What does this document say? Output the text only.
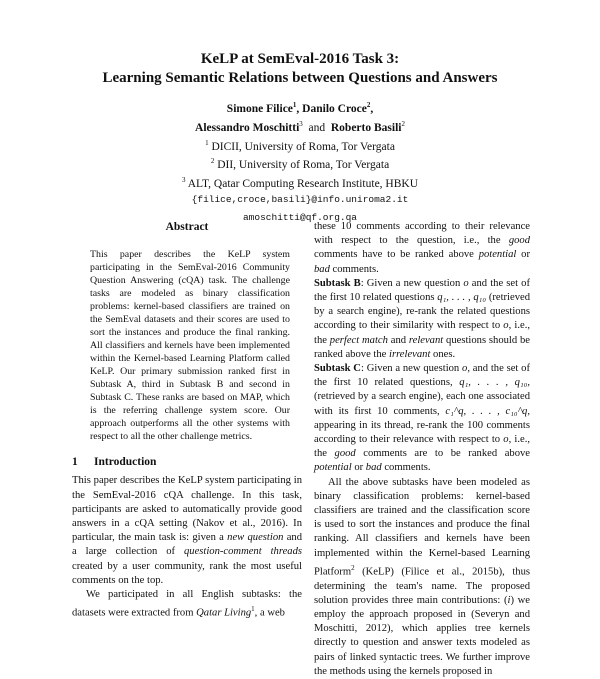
KeLP at SemEval-2016 Task 3:
Learning Semantic Relations between Questions and Answers
Simone Filice$^1$, Danilo Croce$^2$,
Alessandro Moschitti$^3$ and Roberto Basili$^2$
$^1$ DICII, University of Roma, Tor Vergata
$^2$ DII, University of Roma, Tor Vergata
$^3$ ALT, Qatar Computing Research Institute, HBKU
{filice,croce,basili}@info.uniroma2.it
amoschitti@qf.org.qa
Abstract
This paper describes the KeLP system participating in the SemEval-2016 Community Question Answering (cQA) task. The challenge tasks are modeled as binary classification problems: kernel-based classifiers are trained on the SemEval datasets and their scores are used to sort the instances and produce the final ranking. All classifiers and kernels have been implemented within the Kernel-based Learning Platform called KeLP. Our primary submission ranked first in Subtask A, third in Subtask B and second in Subtask C. These ranks are based on MAP, which is the referring challenge system score. Our approach outperforms all the other systems with respect to all the other challenge metrics.
1 Introduction
This paper describes the KeLP system participating in the SemEval-2016 cQA challenge. In this task, participants are asked to automatically provide good answers in a cQA setting (Nakov et al., 2016). In particular, the main task is: given a new question and a large collection of question-comment threads created by a user community, rank the most useful comments on the top.
We participated in all English subtasks: the datasets were extracted from Qatar Living$^1$, a web

these 10 comments according to their relevance with respect to the question, i.e., the good comments have to be ranked above potential or bad comments.

Subtask B: Given a new question o and the set of the first 10 related questions q₁, . . . , q₁₀ (retrieved by a search engine), re-rank the related questions according to their similarity with respect to o, i.e., the perfect match and relevant questions should be ranked above the irrelevant ones.

Subtask C: Given a new question o, and the set of the first 10 related questions, q₁, . . . , q₁₀, (retrieved by a search engine), each one associated with its first 10 comments, c₁^q, . . . , c₁₀^q, appearing in its thread, re-rank the 100 comments according to their relevance with respect to o, i.e., the good comments are to be ranked above potential or bad comments.

All the above subtasks have been modeled as binary classification problems: kernel-based classifiers are trained and the classification score is used to sort the instances and produce the final ranking. All classifiers and kernels have been implemented within the Kernel-based Learning Platform$^2$ (KeLP) (Filice et al., 2015b), thus determining the team's name. The proposed solution provides three main contributions: (i) we employ the approach proposed in (Severyn and Moschitti, 2012), which applies tree kernels directly to question and answer texts modeled as pairs of linked syntactic trees. We further improve the methods using the kernels proposed in
